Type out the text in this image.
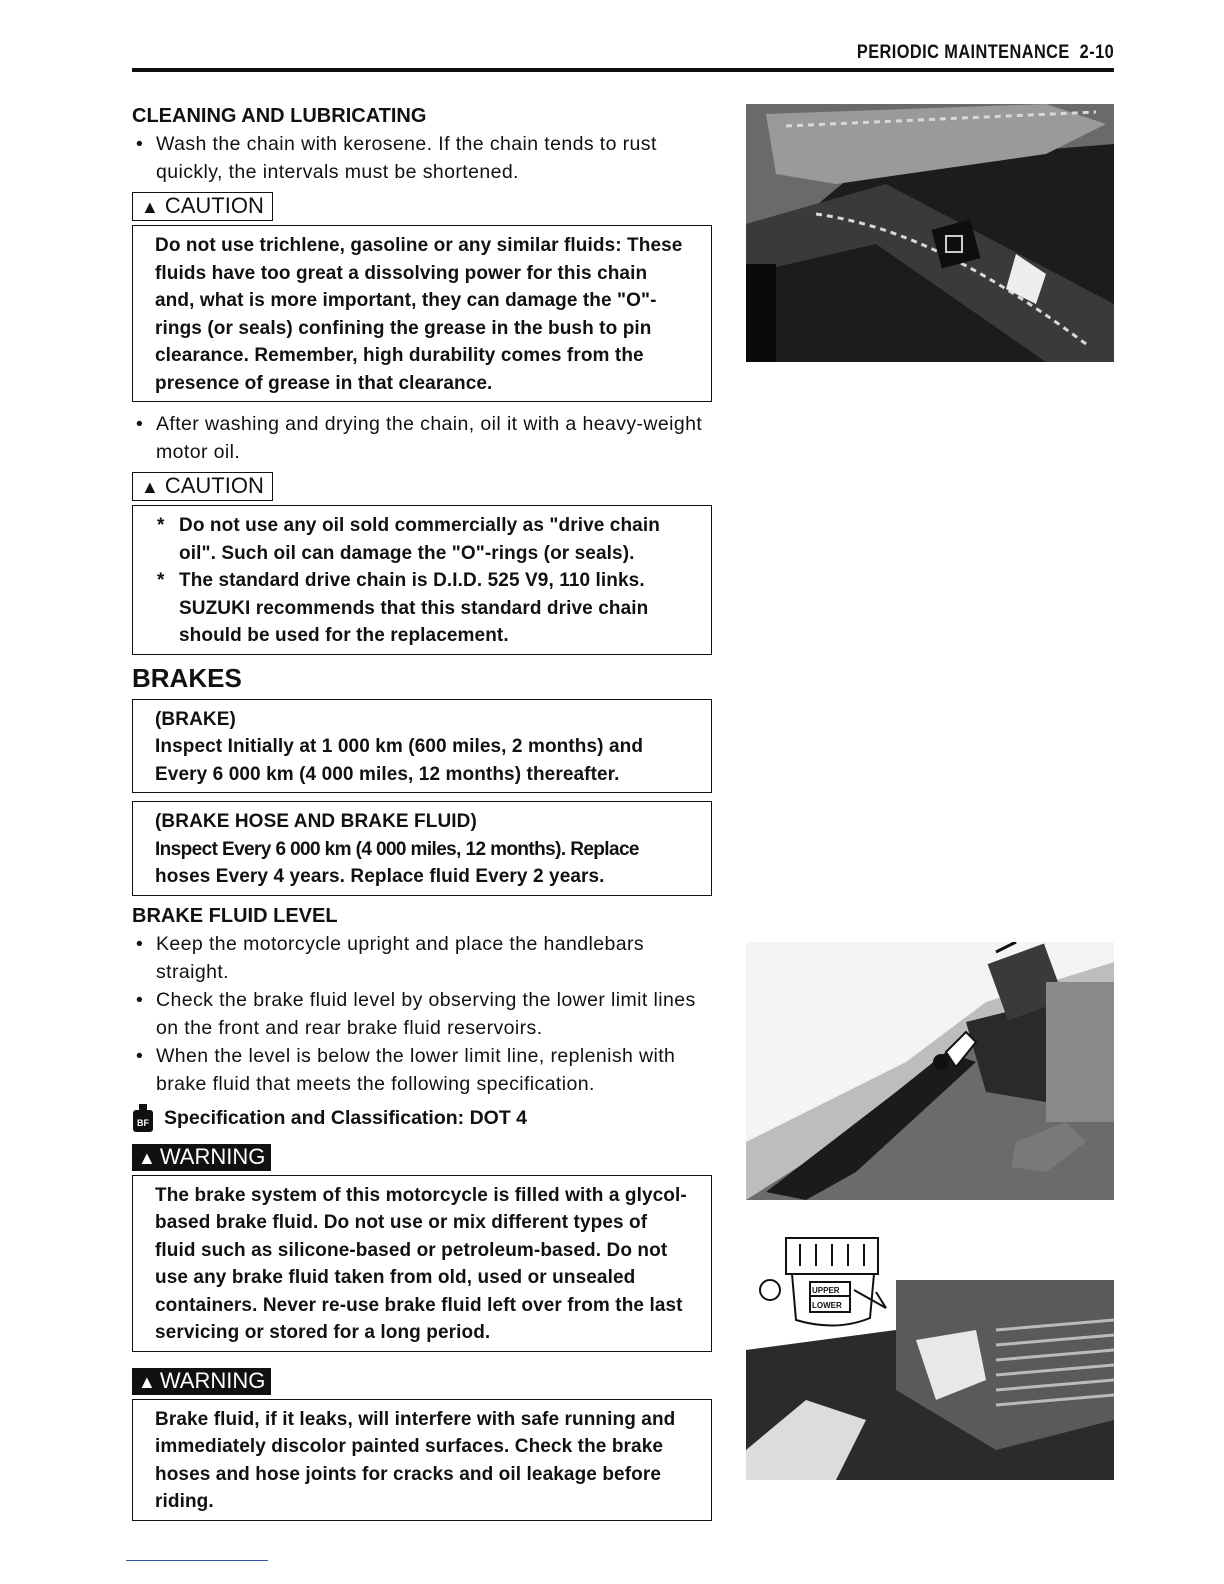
PERIODIC MAINTENANCE 2-10
CLEANING AND LUBRICATING
• Wash the chain with kerosene. If the chain tends to rust quickly, the intervals must be shortened.
▲ CAUTION

Do not use trichlene, gasoline or any similar fluids: These fluids have too great a dissolving power for this chain and, what is more important, they can damage the "O"-rings (or seals) confining the grease in the bush to pin clearance. Remember, high durability comes from the presence of grease in that clearance.

• After washing and drying the chain, oil it with a heavy-weight motor oil.
▲ CAUTION

* Do not use any oil sold commercially as "drive chain oil". Such oil can damage the "O"-rings (or seals).

* The standard drive chain is D.I.D. 525 V9, 110 links. SUZUKI recommends that this standard drive chain should be used for the replacement.

BRAKES

(BRAKE)

Inspect Initially at 1 000 km (600 miles, 2 months) and Every 6 000 km (4 000 miles, 12 months) thereafter.

(BRAKE HOSE AND BRAKE FLUID)

Inspect Every 6 000 km (4 000 miles, 12 months). Replace

hoses Every 4 years. Replace fluid Every 2 years.

BRAKE FLUID LEVEL
• Keep the motorcycle upright and place the handlebars straight.
• Check the brake fluid level by observing the lower limit lines on the front and rear brake fluid reservoirs.
• When the level is below the lower limit line, replenish with brake fluid that meets the following specification.
BF Specification and Classification: DOT 4
▲ WARNING

The brake system of this motorcycle is filled with a glycol-based brake fluid. Do not use or mix different types of fluid such as silicone-based or petroleum-based. Do not use any brake fluid taken from old, used or unsealed containers. Never re-use brake fluid left over from the last servicing or stored for a long period.

▲ WARNING

Brake fluid, if it leaks, will interfere with safe running and immediately discolor painted surfaces. Check the brake hoses and hose joints for cracks and oil leakage before riding.

UPPER
LOWER
